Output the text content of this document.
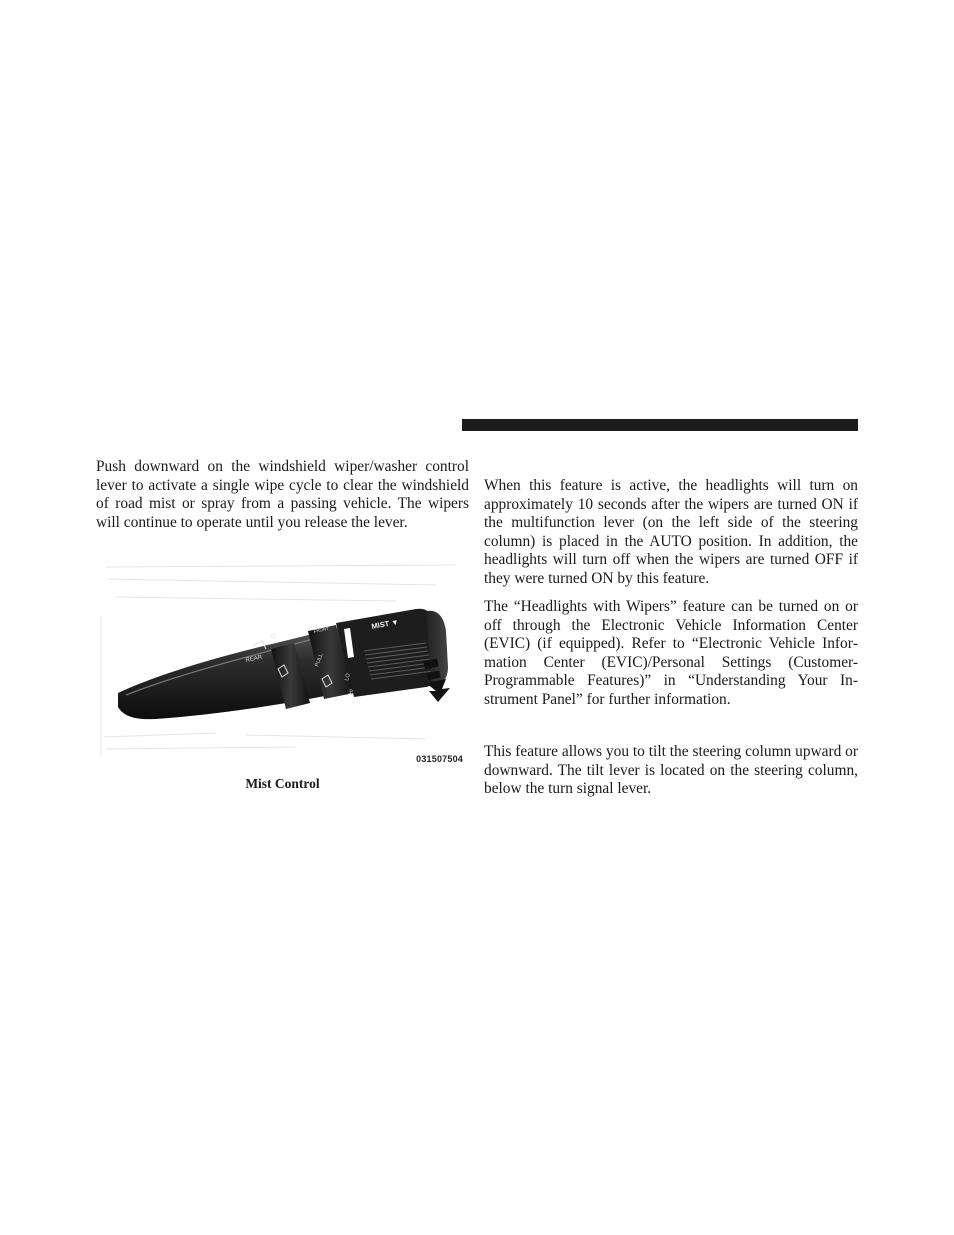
Push downward on the windshield wiper/washer control lever to activate a single wipe cycle to clear the windshield of road mist or spray from a passing vehicle. The wipers will continue to operate until you release the lever.

MIST ▼
REAR
O
PULL
FRONT
LO
HI
031507504
Mist Control

When this feature is active, the headlights will turn on approximately 10 seconds after the wipers are turned ON if the multifunction lever (on the left side of the steering column) is placed in the AUTO position. In addition, the headlights will turn off when the wipers are turned OFF if they were turned ON by this feature.

The “Headlights with Wipers” feature can be turned on or off through the Electronic Vehicle Information Center (EVIC) (if equipped). Refer to “Electronic Vehicle Information Center (EVIC)/Personal Settings (Customer-Programmable Features)” in “Understanding Your Instrument Panel” for further information.

This feature allows you to tilt the steering column upward or downward. The tilt lever is located on the steering column, below the turn signal lever.
